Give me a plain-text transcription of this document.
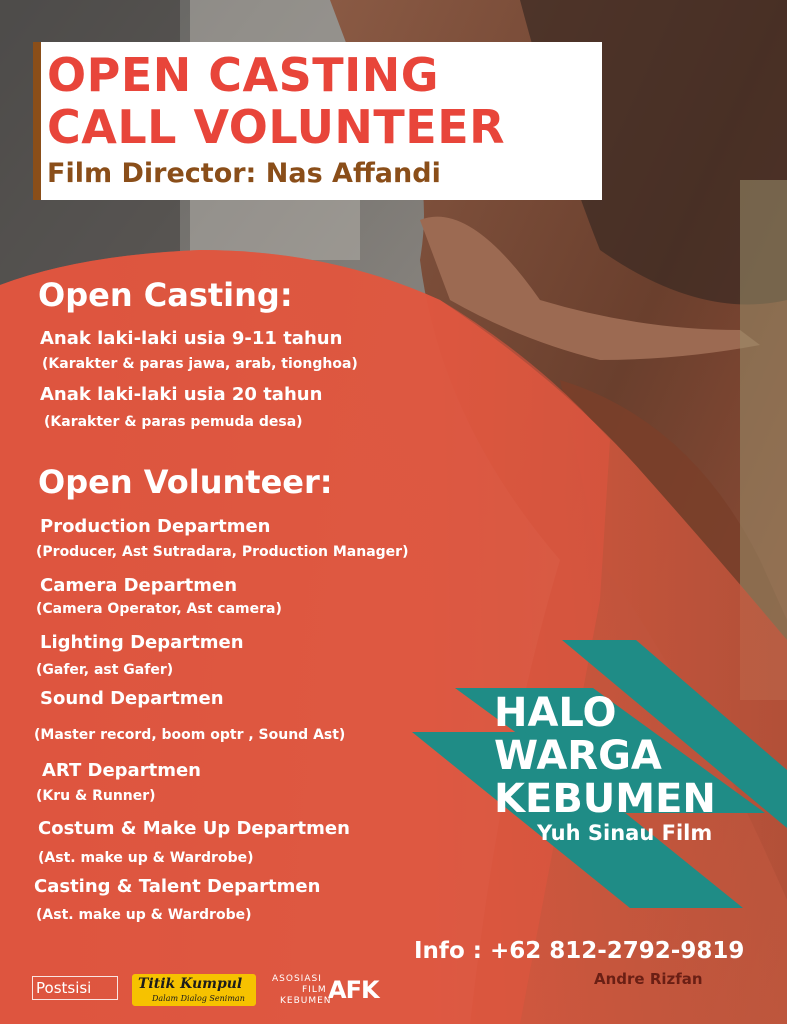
OPEN CASTING
CALL VOLUNTEER
Film Director: Nas Affandi
Open Casting:
Anak laki-laki usia 9-11 tahun
(Karakter & paras jawa, arab, tionghoa)
Anak laki-laki usia 20 tahun
(Karakter & paras pemuda desa)
Open Volunteer:
Production Departmen
(Producer, Ast Sutradara, Production Manager)
Camera Departmen
(Camera Operator, Ast camera)
Lighting Departmen
(Gafer, ast Gafer)
Sound Departmen
(Master record, boom optr , Sound Ast)
ART Departmen
(Kru & Runner)
Costum & Make Up Departmen
(Ast. make up & Wardrobe)
Casting & Talent Departmen
(Ast. make up & Wardrobe)
HALO
WARGA
KEBUMEN
Yuh Sinau Film
Info : +62 812-2792-9819
Andre Rizfan
Postsisi	Titik Kumpul
Dalam Dialog Seniman
ASOSIASI
FILM
KEBUMEN
AFK
